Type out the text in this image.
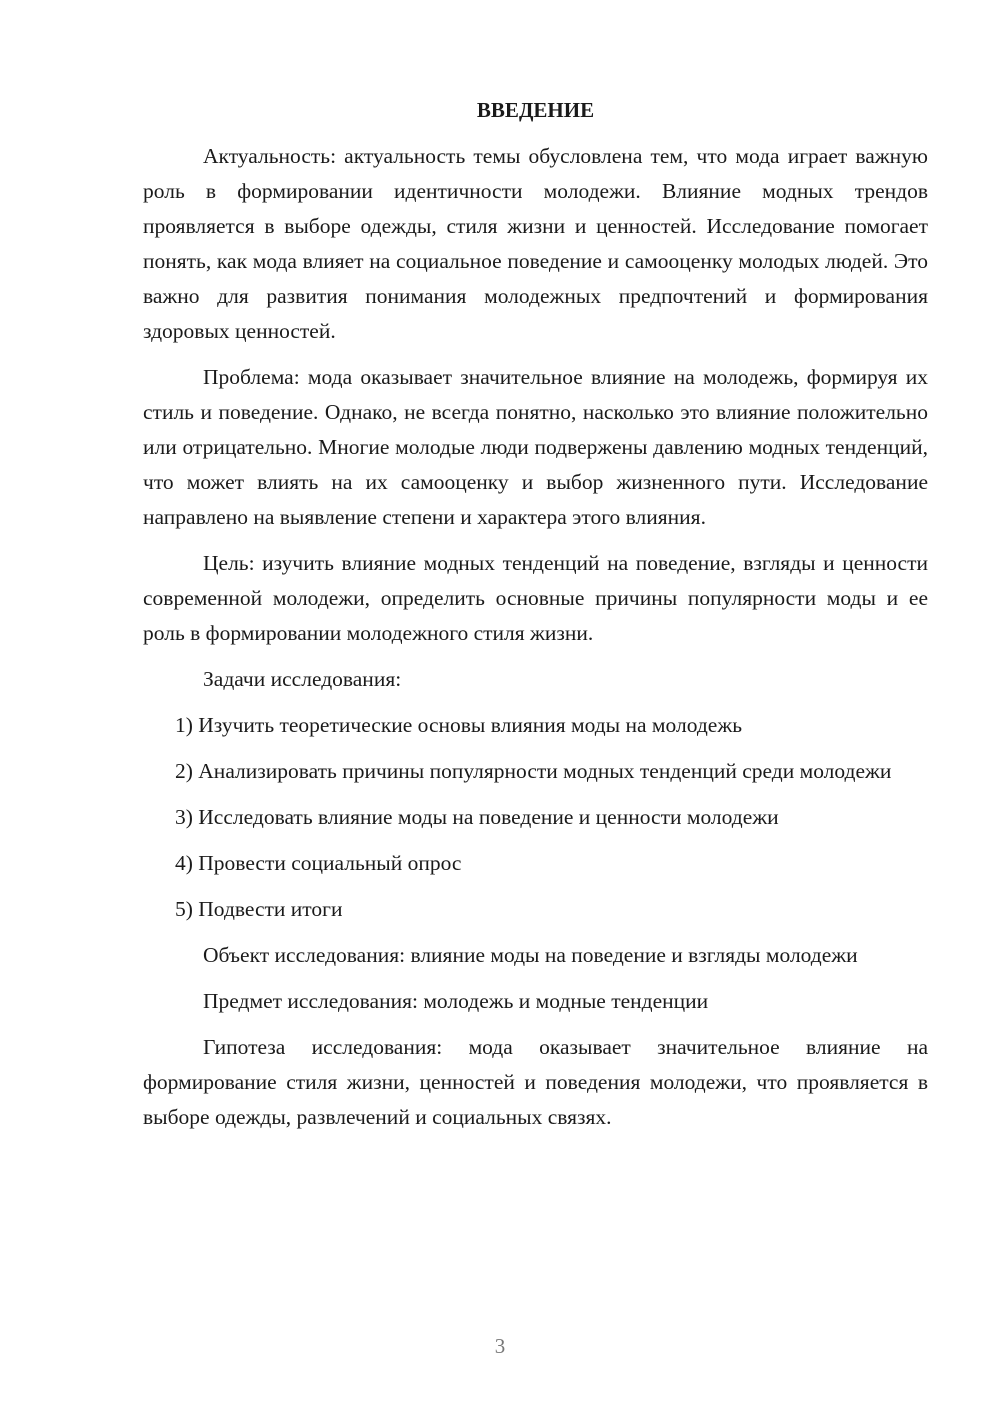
ВВЕДЕНИЕ

Актуальность: актуальность темы обусловлена тем, что мода играет важную роль в формировании идентичности молодежи. Влияние модных трендов проявляется в выборе одежды, стиля жизни и ценностей. Исследование помогает понять, как мода влияет на социальное поведение и самооценку молодых людей. Это важно для развития понимания молодежных предпочтений и формирования здоровых ценностей.

Проблема: мода оказывает значительное влияние на молодежь, формируя их стиль и поведение. Однако, не всегда понятно, насколько это влияние положительно или отрицательно. Многие молодые люди подвержены давлению модных тенденций, что может влиять на их самооценку и выбор жизненного пути. Исследование направлено на выявление степени и характера этого влияния.

Цель: изучить влияние модных тенденций на поведение, взгляды и ценности современной молодежи, определить основные причины популярности моды и ее роль в формировании молодежного стиля жизни.

Задачи исследования:

1) Изучить теоретические основы влияния моды на молодежь

2) Анализировать причины популярности модных тенденций среди молодежи

3) Исследовать влияние моды на поведение и ценности молодежи

4) Провести социальный опрос

5) Подвести итоги

Объект исследования: влияние моды на поведение и взгляды молодежи

Предмет исследования: молодежь и модные тенденции

Гипотеза исследования: мода оказывает значительное влияние на формирование стиля жизни, ценностей и поведения молодежи, что проявляется в выборе одежды, развлечений и социальных связях.

3
